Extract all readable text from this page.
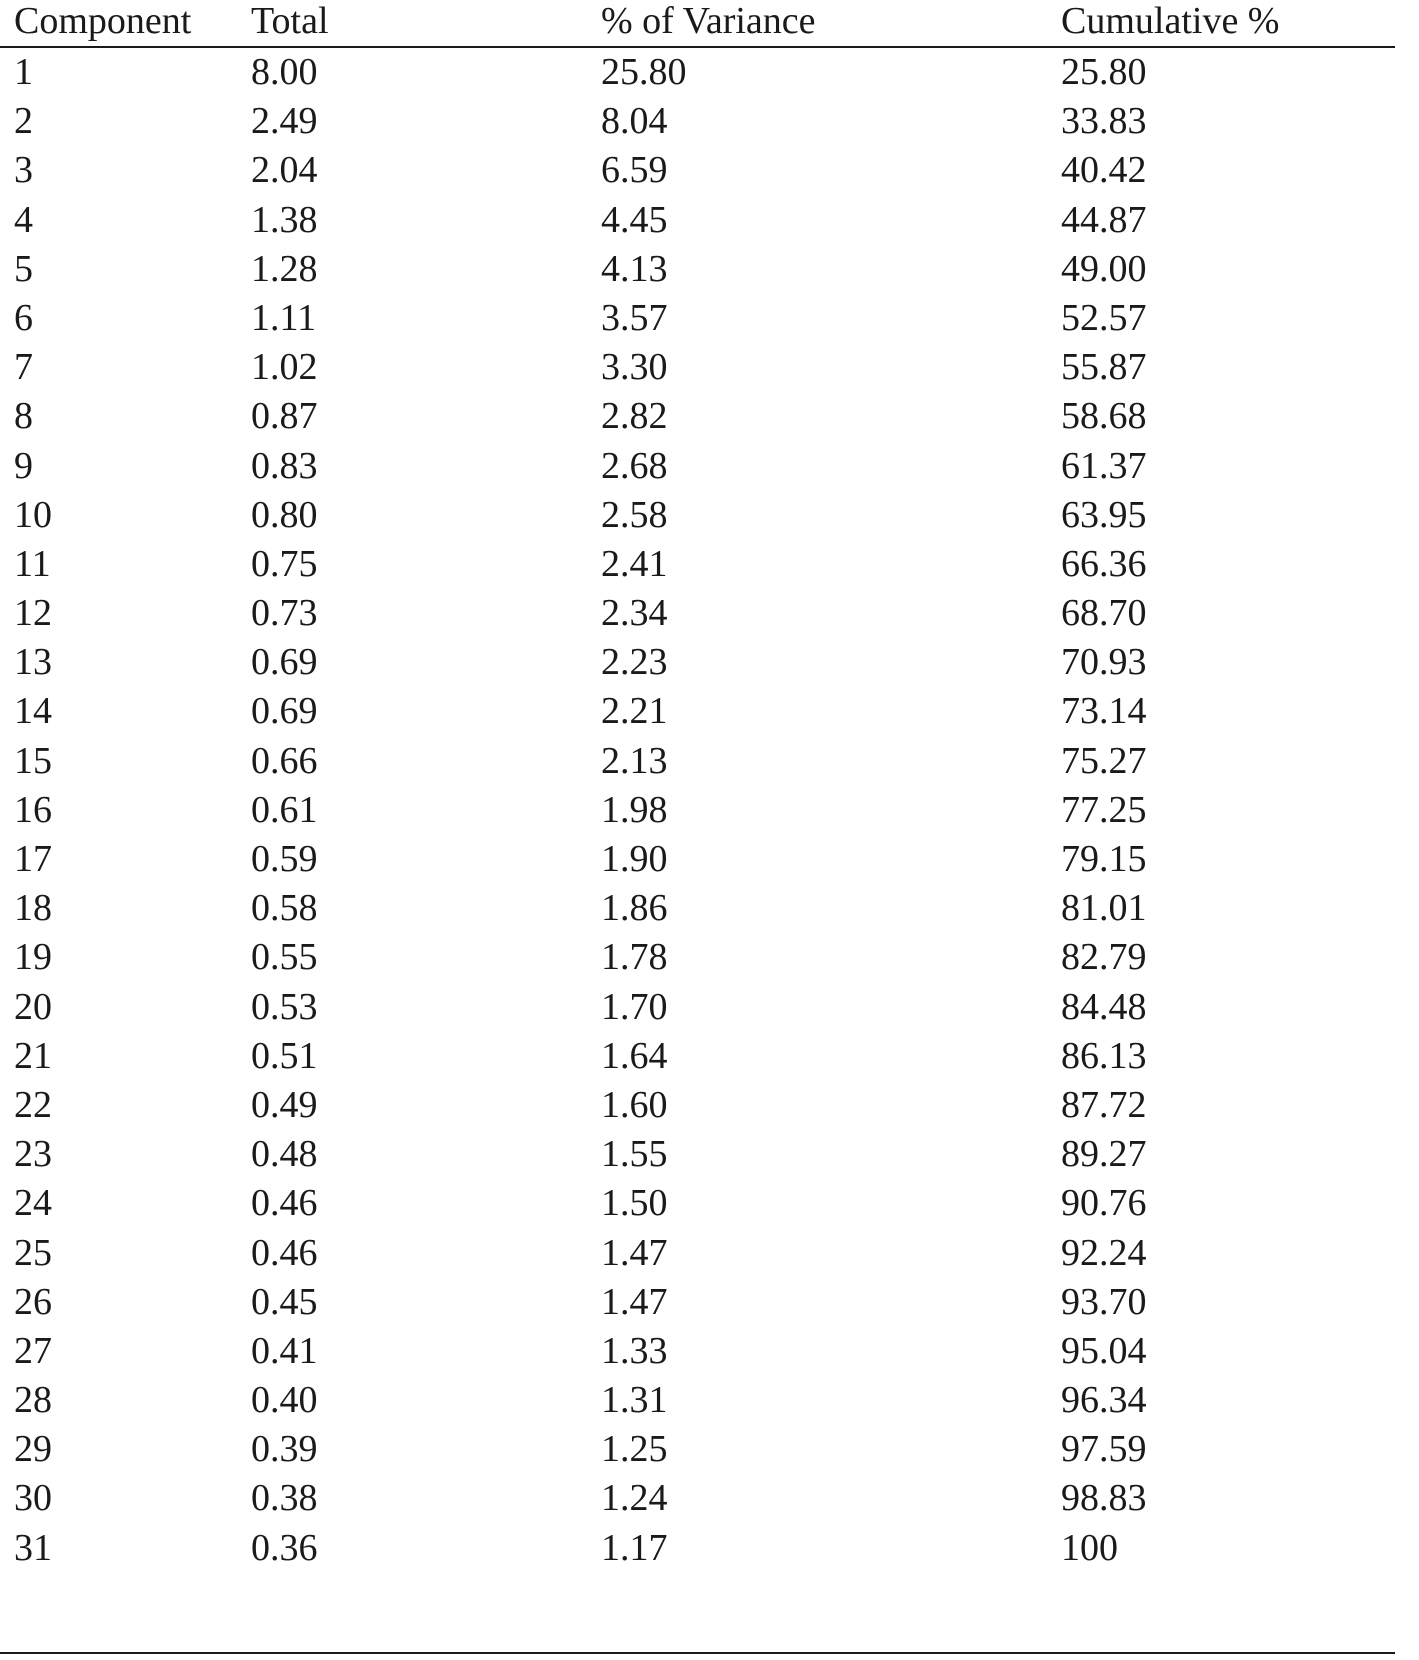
Component Total	% of Variance	Cumulative %
1	8.00	25.80	25.80
2	2.49	8.04	33.83
3	2.04	6.59	40.42
4	1.38	4.45	44.87
5	1.28	4.13	49.00
6	1.11	3.57	52.57
7	1.02	3.30	55.87
8	0.87	2.82	58.68
9	0.83	2.68	61.37
10	0.80	2.58	63.95
11	0.75	2.41	66.36
12	0.73	2.34	68.70
13	0.69	2.23	70.93
14	0.69	2.21	73.14
15	0.66	2.13	75.27
16	0.61	1.98	77.25
17	0.59	1.90	79.15
18	0.58	1.86	81.01
19	0.55	1.78	82.79
20	0.53	1.70	84.48
21	0.51	1.64	86.13
22	0.49	1.60	87.72
23	0.48	1.55	89.27
24	0.46	1.50	90.76
25	0.46	1.47	92.24
26	0.45	1.47	93.70
27	0.41	1.33	95.04
28	0.40	1.31	96.34
29	0.39	1.25	97.59
30	0.38	1.24	98.83
31	0.36	1.17	100
